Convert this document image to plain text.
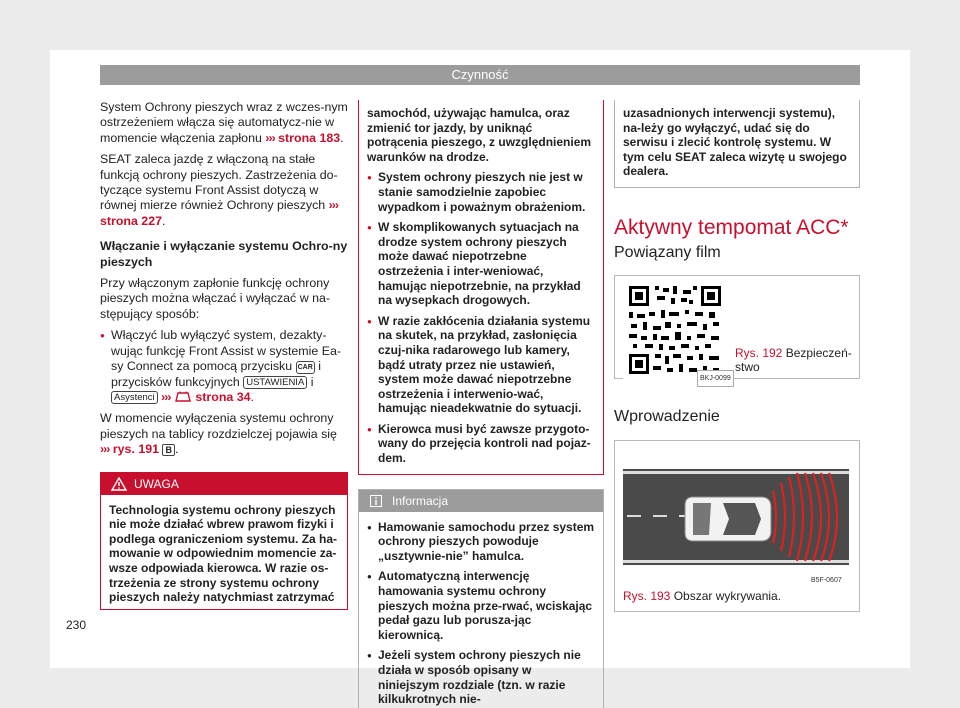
Czynność

System Ochrony pieszych wraz z wczes-nym ostrzeżeniem włącza się automatycz-nie w momencie włączenia zapłonu ››› strona 183.

SEAT zaleca jazdę z włączoną na stałe funkcją ochrony pieszych. Zastrzeżenia do-tyczące systemu Front Assist dotyczą w równej mierze również Ochrony pieszych ››› strona 227.

Włączanie i wyłączanie systemu Ochro-ny pieszych

Przy włączonym zapłonie funkcję ochrony pieszych można włączać i wyłączać w na-stępujący sposób:

● Włączyć lub wyłączyć system, dezakty-wując funkcję Front Assist w systemie Ea-sy Connect za pomocą przycisku CAR i przycisków funkcyjnych USTAWIENIA i Asystenci ››› strona 34.

W momencie wyłączenia systemu ochrony pieszych na tablicy rozdzielczej pojawia się ››› rys. 191 B .

UWAGA
Technologia systemu ochrony pieszych nie może działać wbrew prawom fizyki i podlega ograniczeniom systemu. Za ha-mowanie w odpowiednim momencie za-wsze odpowiada kierowca. W razie os-trzeżenia ze strony systemu ochrony pieszych należy natychmiast zatrzymać

samochód, używając hamulca, oraz zmienić tor jazdy, by uniknąć potrącenia pieszego, z uwzględnieniem warunków na drodze.

● System ochrony pieszych nie jest w stanie samodzielnie zapobiec wypadkom i poważnym obrażeniom.
● W skomplikowanych sytuacjach na drodze system ochrony pieszych może dawać niepotrzebne ostrzeżenia i inter-weniować, hamując niepotrzebnie, na przykład na wysepkach drogowych.
● W razie zakłócenia działania systemu na skutek, na przykład, zasłonięcia czuj-nika radarowego lub kamery, bądź utraty przez nie ustawień, system może dawać niepotrzebne ostrzeżenia i interwenio-wać, hamując nieadekwatnie do sytuacji.
● Kierowca musi być zawsze przygoto-wany do przejęcia kontroli nad pojaz-dem.
Informacja
● Hamowanie samochodu przez system ochrony pieszych powoduje „usztywnie-nie” hamulca.
● Automatyczną interwencję hamowania systemu ochrony pieszych można prze-rwać, wciskając pedał gazu lub porusza-jąc kierownicą.
● Jeżeli system ochrony pieszych nie działa w sposób opisany w niniejszym rozdziale (tzn. w razie kilkukrotnych nie-
uzasadnionych interwencji systemu), na-leży go wyłączyć, udać się do serwisu i zlecić kontrolę systemu. W tym celu SEAT zaleca wizytę u swojego dealera.
Aktywny tempomat ACC*
Powiązany film
BKJ-0099
Rys. 192 Bezpieczeń-stwo
Wprowadzenie
B5F-0607
Rys. 193 Obszar wykrywania.
230
